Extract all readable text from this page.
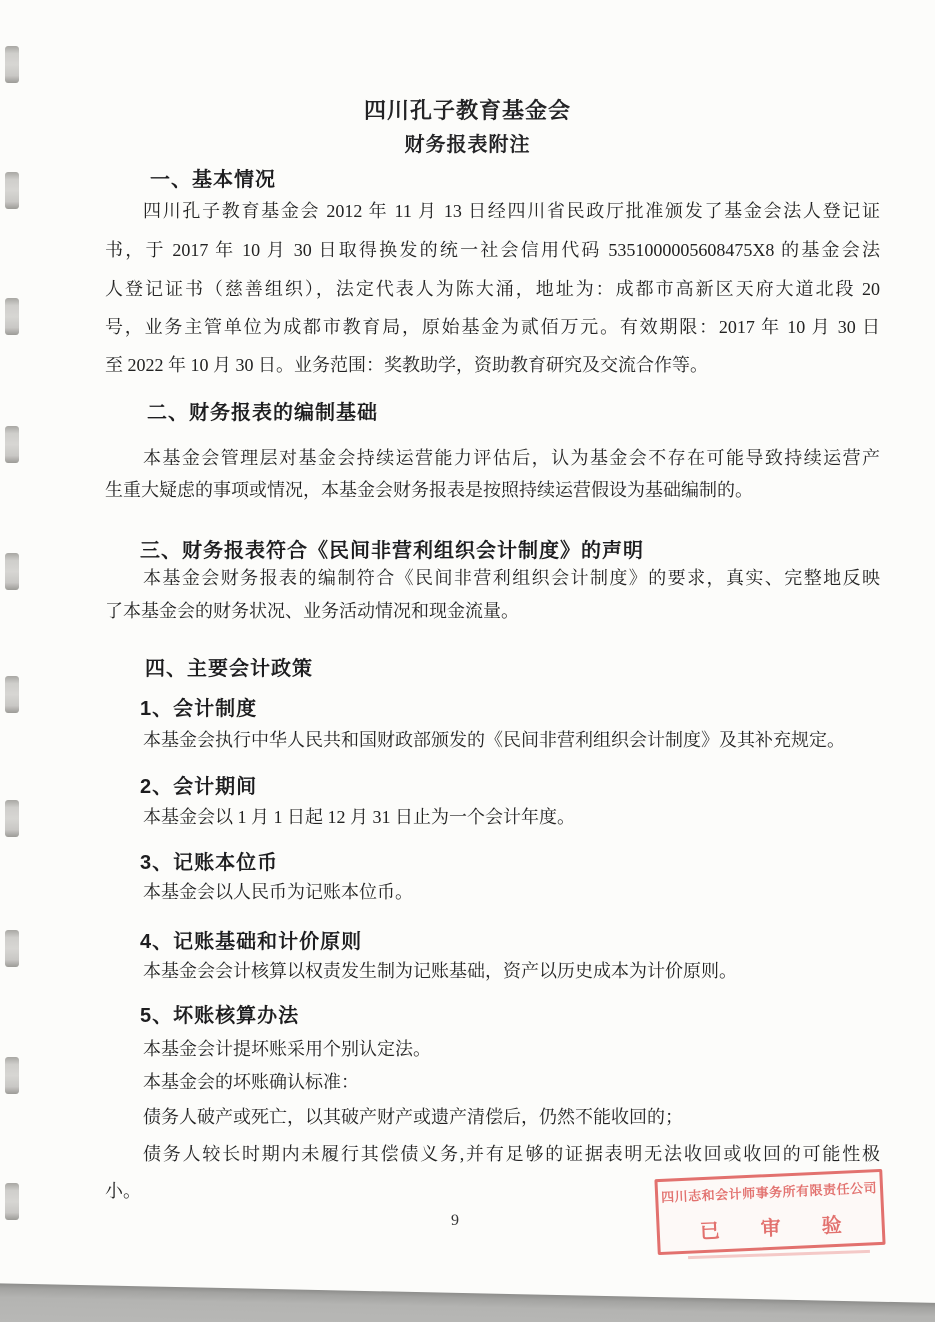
四川孔子教育基金会
财务报表附注
一、基本情况
四川孔子教育基金会 2012 年 11 月 13 日经四川省民政厅批准颁发了基金会法人登记证
书，于 2017 年 10 月 30 日取得换发的统一社会信用代码 5351000005608475X8 的基金会法
人登记证书（慈善组织），法定代表人为陈大涌，地址为：成都市高新区天府大道北段 20
号，业务主管单位为成都市教育局，原始基金为贰佰万元。有效期限：2017 年 10 月 30 日
至 2022 年 10 月 30 日。业务范围：奖教助学，资助教育研究及交流合作等。
二、财务报表的编制基础
本基金会管理层对基金会持续运营能力评估后，认为基金会不存在可能导致持续运营产
生重大疑虑的事项或情况，本基金会财务报表是按照持续运营假设为基础编制的。
三、财务报表符合《民间非营利组织会计制度》的声明
本基金会财务报表的编制符合《民间非营利组织会计制度》的要求，真实、完整地反映
了本基金会的财务状况、业务活动情况和现金流量。
四、主要会计政策
1、会计制度
本基金会执行中华人民共和国财政部颁发的《民间非营利组织会计制度》及其补充规定。
2、会计期间
本基金会以 1 月 1 日起 12 月 31 日止为一个会计年度。
3、记账本位币
本基金会以人民币为记账本位币。
4、记账基础和计价原则
本基金会会计核算以权责发生制为记账基础，资产以历史成本为计价原则。
5、坏账核算办法
本基金会计提坏账采用个别认定法。
本基金会的坏账确认标准：
债务人破产或死亡，以其破产财产或遗产清偿后，仍然不能收回的；
债务人较长时期内未履行其偿债义务,并有足够的证据表明无法收回或收回的可能性极
小。
9
四川志和会计师事务所有限责任公司
已 审 验
